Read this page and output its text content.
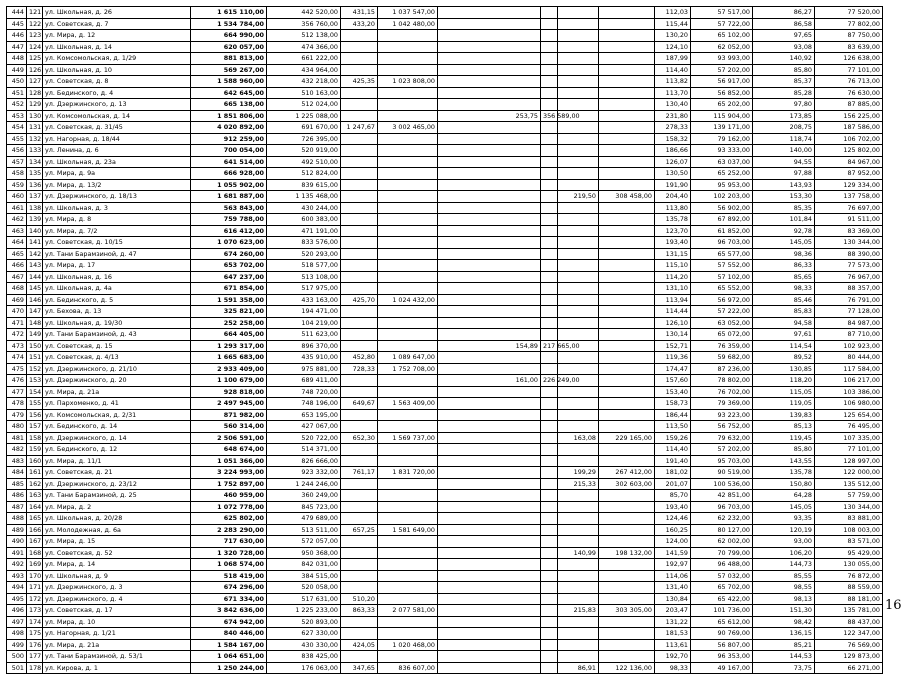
444	121	ул. Школьная, д. 26	1 615 110,00	442 520,00	431,15	1 037 547,00					112,03	57 517,00	86,27	77 520,00
445	122	ул. Советская, д. 7	1 534 784,00	356 760,00	433,20	1 042 480,00					115,44	57 722,00	86,58	77 802,00
446	123	ул. Мира, д. 12	664 990,00	512 138,00							130,20	65 102,00	97,65	87 750,00
447	124	ул. Школьная, д. 14	620 057,00	474 366,00							124,10	62 052,00	93,08	83 639,00
448	125	ул. Комсомольская, д. 1/29	881 813,00	661 222,00							187,99	93 993,00	140,92	126 638,00
449	126	ул. Школьная, д. 10	569 267,00	434 964,00							114,40	57 202,00	85,80	77 101,00
450	127	ул. Советская, д. 8	1 588 960,00	432 218,00	425,35	1 023 808,00					113,82	56 917,00	85,37	76 713,00
451	128	ул. Бединского, д. 4	642 645,00	510 163,00							113,70	56 852,00	85,28	76 630,00
452	129	ул. Дзержинского, д. 13	665 138,00	512 024,00							130,40	65 202,00	97,80	87 885,00
453	130	ул. Комсомольская, д. 14	1 851 806,00	1 225 088,00			253,75	356 589,00			231,80	115 904,00	173,85	156 225,00
454	131	ул. Советская, д. 31/45	4 020 892,00	691 670,00	1 247,67	3 002 465,00					278,33	139 171,00	208,75	187 586,00
455	132	ул. Нагорная, д. 18/44	912 259,00	726 395,00							158,32	79 162,00	118,74	106 702,00
456	133	ул. Ленина, д. 6	700 054,00	520 919,00							186,66	93 333,00	140,00	125 802,00
457	134	ул. Школьная, д. 23а	641 514,00	492 510,00							126,07	63 037,00	94,55	84 967,00
458	135	ул. Мира, д. 9а	666 928,00	512 824,00							130,50	65 252,00	97,88	87 952,00
459	136	ул. Мира, д. 13/2	1 055 902,00	839 615,00							191,90	95 953,00	143,93	129 334,00
460	137	ул. Дзержинского, д. 18/13	1 681 887,00	1 135 468,00					219,50	308 458,00	204,40	102 203,00	153,30	137 758,00
461	138	ул. Школьная, д. 3	563 843,00	430 244,00							113,80	56 902,00	85,35	76 697,00
462	139	ул. Мира, д. 8	759 788,00	600 383,00							135,78	67 892,00	101,84	91 511,00
463	140	ул. Мира, д. 7/2	616 412,00	471 191,00							123,70	61 852,00	92,78	83 369,00
464	141	ул. Советская, д. 10/15	1 070 623,00	833 576,00							193,40	96 703,00	145,05	130 344,00
465	142	ул. Тани Барамзиной, д. 47	674 260,00	520 293,00							131,15	65 577,00	98,36	88 390,00
466	143	ул. Мира, д. 17	653 702,00	518 577,00							115,10	57 552,00	86,33	77 573,00
467	144	ул. Школьная, д. 16	647 237,00	513 108,00							114,20	57 102,00	85,65	76 967,00
468	145	ул. Школьная, д. 4а	671 854,00	517 975,00							131,10	65 552,00	98,33	88 357,00
469	146	ул. Бединского, д. 5	1 591 358,00	433 163,00	425,70	1 024 432,00					113,94	56 972,00	85,46	76 791,00
470	147	ул. Бехова, д. 13	325 821,00	194 471,00							114,44	57 222,00	85,83	77 128,00
471	148	ул. Школьная, д. 19/30	252 258,00	104 219,00							126,10	63 052,00	94,58	84 987,00
472	149	ул. Тани Барамзиной, д. 43	664 405,00	511 623,00							130,14	65 072,00	97,61	87 710,00
473	150	ул. Советская, д. 15	1 293 317,00	896 370,00			154,89	217 665,00			152,71	76 359,00	114,54	102 923,00
474	151	ул. Советская, д. 4/13	1 665 683,00	435 910,00	452,80	1 089 647,00					119,36	59 682,00	89,52	80 444,00
475	152	ул. Дзержинского, д. 21/10	2 933 409,00	975 881,00	728,33	1 752 708,00					174,47	87 236,00	130,85	117 584,00
476	153	ул. Дзержинского, д. 20	1 100 679,00	689 411,00			161,00	226 249,00			157,60	78 802,00	118,20	106 217,00
477	154	ул. Мира, д. 21а	928 818,00	748 720,00							153,40	76 702,00	115,05	103 386,00
478	155	ул. Пархоменко, д. 41	2 497 945,00	748 196,00	649,67	1 563 409,00					158,73	79 369,00	119,05	106 980,00
479	156	ул. Комсомольская, д. 2/31	871 982,00	653 195,00							186,44	93 223,00	139,83	125 654,00
480	157	ул. Бединского, д. 14	560 314,00	427 067,00							113,50	56 752,00	85,13	76 495,00
481	158	ул. Дзержинского, д. 14	2 506 591,00	520 722,00	652,30	1 569 737,00			163,08	229 165,00	159,26	79 632,00	119,45	107 335,00
482	159	ул. Бединского, д. 12	648 674,00	514 371,00							114,40	57 202,00	85,80	77 101,00
483	160	ул. Мира, д. 11/1	1 051 366,00	826 666,00							191,40	95 703,00	143,55	128 997,00
484	161	ул. Советская, д. 21	3 224 993,00	923 332,00	761,17	1 831 720,00			199,29	267 412,00	181,02	90 519,00	135,78	122 000,00
485	162	ул. Дзержинского, д. 23/12	1 752 897,00	1 244 246,00					215,33	302 603,00	201,07	100 536,00	150,80	135 512,00
486	163	ул. Тани Барамзиной, д. 25	460 959,00	360 249,00							85,70	42 851,00	64,28	57 759,00
487	164	ул. Мира, д. 2	1 072 778,00	845 723,00							193,40	96 703,00	145,05	130 344,00
488	165	ул. Школьная, д. 20/28	625 802,00	479 689,00							124,46	62 232,00	93,35	83 881,00
489	166	ул. Молодежная, д. 6а	2 283 290,00	513 511,00	657,25	1 581 649,00					160,25	80 127,00	120,19	108 003,00
490	167	ул. Мира, д. 15	717 630,00	572 057,00							124,00	62 002,00	93,00	83 571,00
491	168	ул. Советская, д. 52	1 320 728,00	950 368,00					140,99	198 132,00	141,59	70 799,00	106,20	95 429,00
492	169	ул. Мира, д. 14	1 068 574,00	842 031,00							192,97	96 488,00	144,73	130 055,00
493	170	ул. Школьная, д. 9	518 419,00	384 515,00							114,06	57 032,00	85,55	76 872,00
494	171	ул. Дзержинского, д. 3	674 296,00	520 058,00							131,40	65 702,00	98,55	88 559,00
495	172	ул. Дзержинского, д. 4	671 334,00	517 631,00	510,20						130,84	65 422,00	98,13	88 181,00
496	173	ул. Советская, д. 17	3 842 636,00	1 225 233,00	863,33	2 077 581,00			215,83	303 305,00	203,47	101 736,00	151,30	135 781,00
497	174	ул. Мира, д. 10	674 942,00	520 893,00							131,22	65 612,00	98,42	88 437,00
498	175	ул. Нагорная, д. 1/21	840 446,00	627 330,00							181,53	90 769,00	136,15	122 347,00
499	176	ул. Мира, д. 21а	1 584 167,00	430 330,00	424,05	1 020 468,00					113,61	56 807,00	85,21	76 569,00
500	177	ул. Тани Барамзиной, д. 53/1	1 064 651,00	838 425,00							192,70	96 353,00	144,53	129 873,00
501	178	ул. Кирова, д. 1	1 250 244,00	176 063,00	347,65	836 607,00			86,91	122 136,00	98,33	49 167,00	73,75	66 271,00
16
